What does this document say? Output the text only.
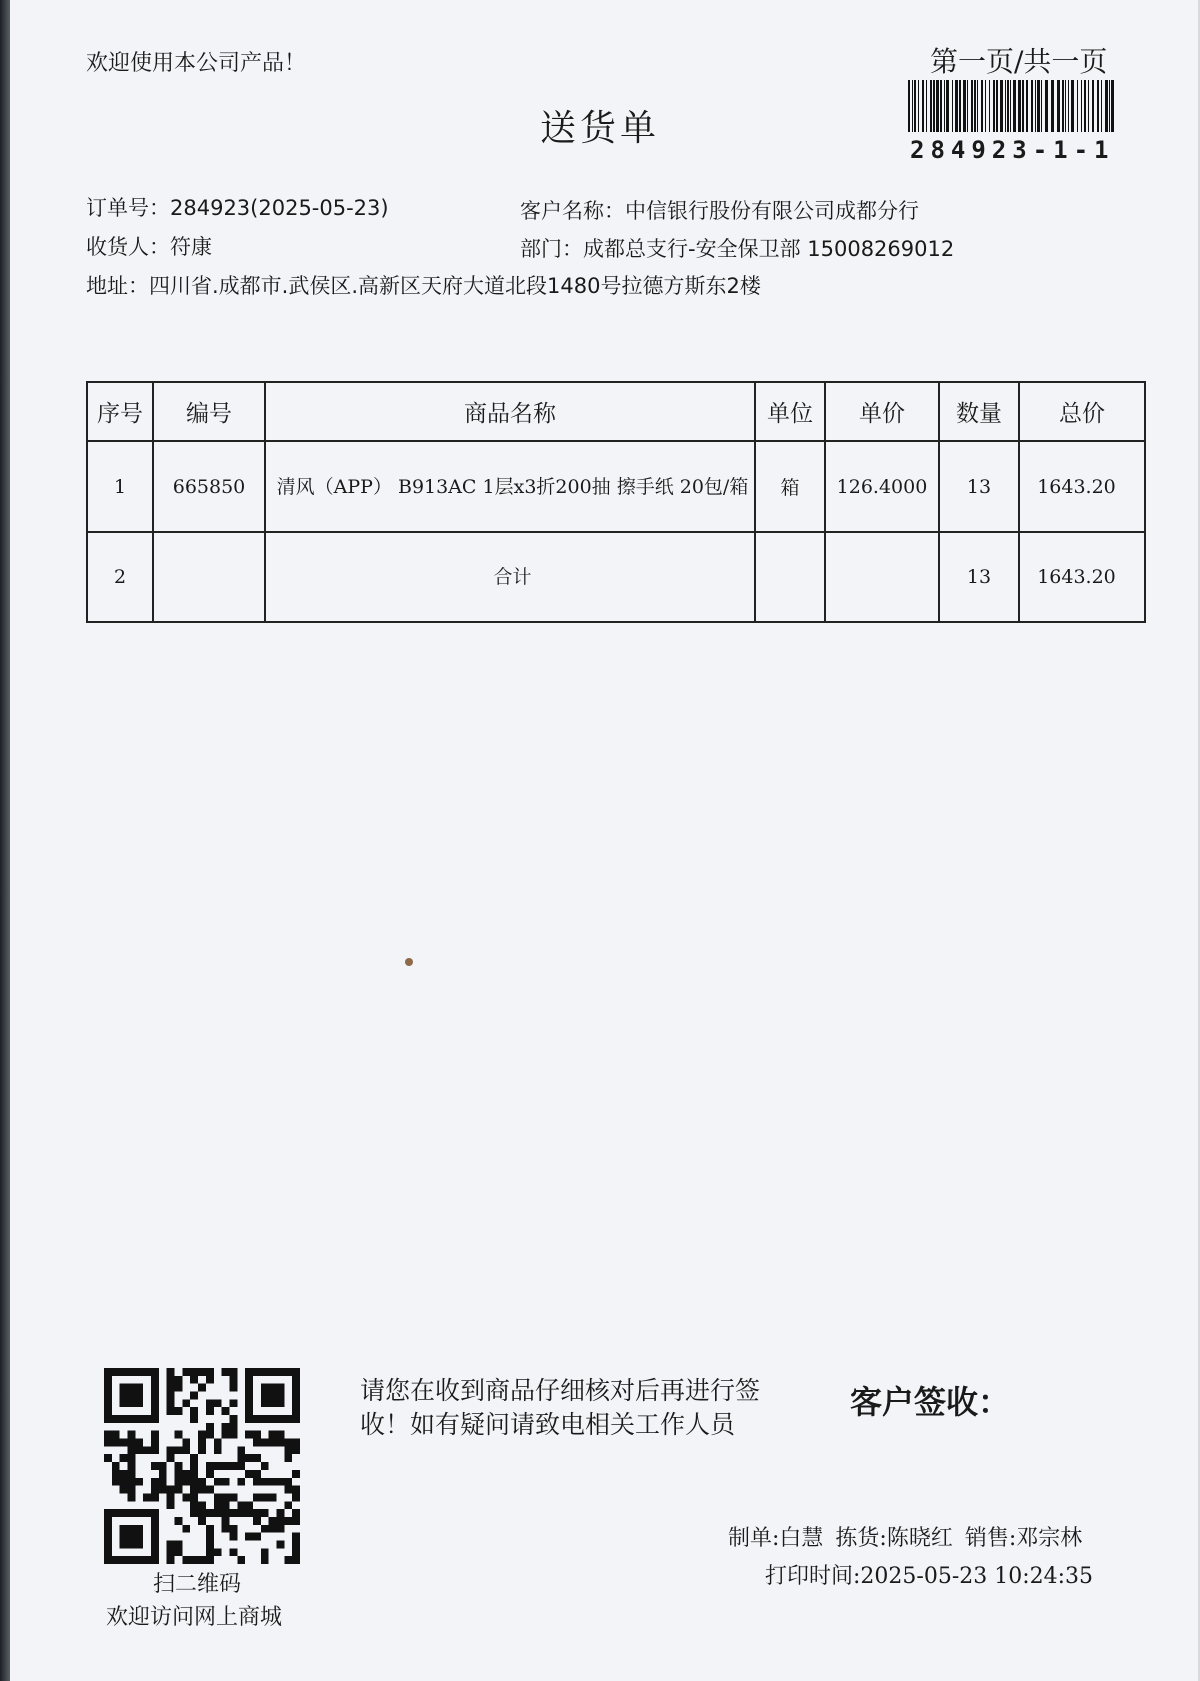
欢迎使用本公司产品！
送货单
第一页/共一页
284923-1-1
订单号：284923(2025-05-23)
收货人：符康
地址：四川省.成都市.武侯区.高新区天府大道北段1480号拉德方斯东2楼
客户名称：中信银行股份有限公司成都分行
部门：成都总支行-安全保卫部 15008269012
序号	编号	商品名称	单位	单价	数量	总价
1	665850	清风（APP） B913AC 1层x3折200抽 擦手纸 20包/箱	箱	126.4000	13	1643.20
2		合计			13	1643.20
扫二维码
欢迎访问网上商城
请您在收到商品仔细核对后再进行签收！如有疑问请致电相关工作人员
客户签收：
制单:白慧 拣货:陈晓红 销售:邓宗林
打印时间:2025-05-23 10:24:35
